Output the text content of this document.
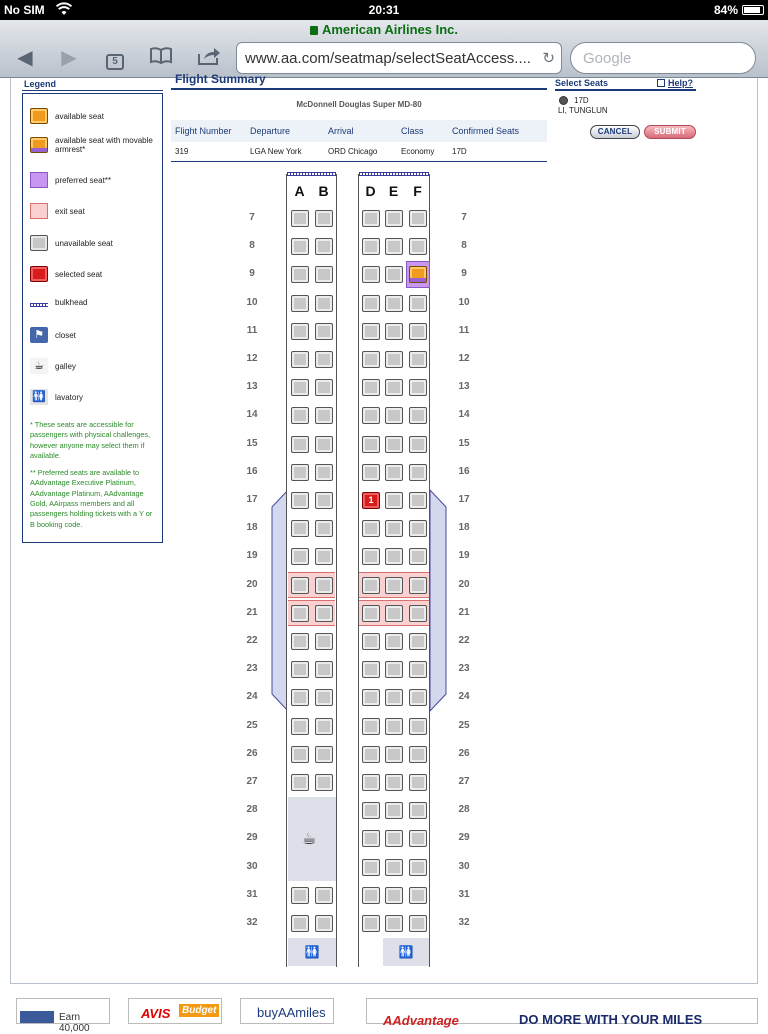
No SIM	20:31	84%
American Airlines Inc.
◀	▶	5	www.aa.com/seatmap/selectSeatAccess.... ↻	Google
Legend
available seat
available seat with movable armrest*
preferred seat**
exit seat
unavailable seat
selected seat
bulkhead
⚑	closet
☕	galley
🚻 lavatory

* These seats are accessible for passengers with physical challenges, however anyone may select them if available.

** Preferred seats are available to AAdvantage Executive Platinum, AAdvantage Platinum, AAdvantage Gold, AAirpass members and all passengers holding tickets with a Y or B booking code.

Flight Summary
McDonnell Douglas Super MD-80
Flight Number	Departure	Arrival	Class	Confirmed Seats
319	LGA New York	ORD Chicago	Economy	17D
Select Seats	Help?
17D
LI, TUNGLUN
CANCEL	SUBMIT
A B	D E	F
☕
🚻	🚻
7	7
8	8
9	9
10	10
11	11
12	12
13	13
14	14
15	15
16	16
17	17
1
18	18
19	19
20	20
21	21
22	22
23	23
24	24
25	25
26	26
27	27
28	28
29	29
30	30
31	31
32	32
Earn 40,000
AVIS	Budget	buyAAmiles
AAdvantage	DO MORE WITH YOUR MILES
